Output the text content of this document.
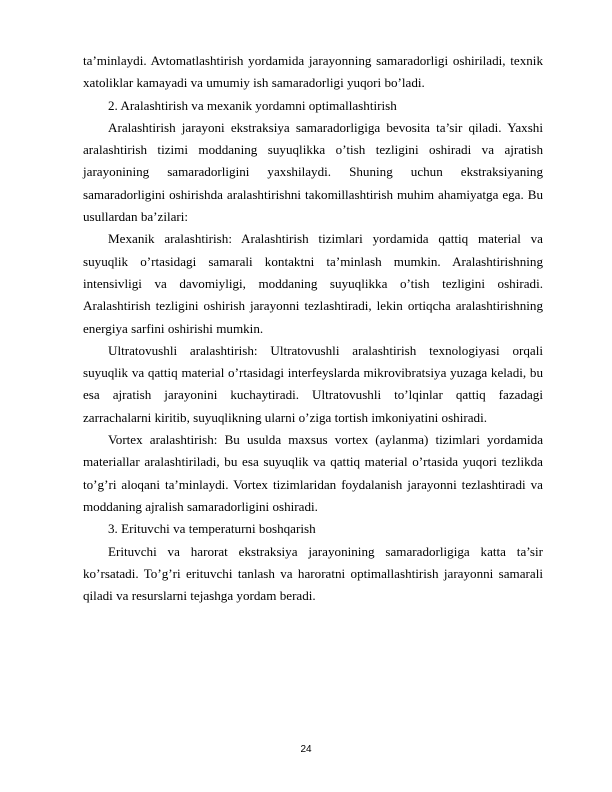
ta’minlaydi. Avtomatlashtirish yordamida jarayonning samaradorligi oshiriladi, texnik xatoliklar kamayadi va umumiy ish samaradorligi yuqori bo’ladi.

2. Aralashtirish va mexanik yordamni optimallashtirish

Aralashtirish jarayoni ekstraksiya samaradorligiga bevosita ta’sir qiladi. Yaxshi aralashtirish tizimi moddaning suyuqlikka o’tish tezligini oshiradi va ajratish jarayonining samaradorligini yaxshilaydi. Shuning uchun ekstraksiyaning samaradorligini oshirishda aralashtirishni takomillashtirish muhim ahamiyatga ega. Bu usullardan ba’zilari:

Mexanik aralashtirish: Aralashtirish tizimlari yordamida qattiq material va suyuqlik o’rtasidagi samarali kontaktni ta’minlash mumkin. Aralashtirishning intensivligi va davomiyligi, moddaning suyuqlikka o’tish tezligini oshiradi. Aralashtirish tezligini oshirish jarayonni tezlashtiradi, lekin ortiqcha aralashtirishning energiya sarfini oshirishi mumkin.

Ultratovushli aralashtirish: Ultratovushli aralashtirish texnologiyasi orqali suyuqlik va qattiq material o’rtasidagi interfeyslarda mikrovibratsiya yuzaga keladi, bu esa ajratish jarayonini kuchaytiradi. Ultratovushli to’lqinlar qattiq fazadagi zarrachalarni kiritib, suyuqlikning ularni o’ziga tortish imkoniyatini oshiradi.

Vortex aralashtirish: Bu usulda maxsus vortex (aylanma) tizimlari yordamida materiallar aralashtiriladi, bu esa suyuqlik va qattiq material o’rtasida yuqori tezlikda to’g’ri aloqani ta’minlaydi. Vortex tizimlaridan foydalanish jarayonni tezlashtiradi va moddaning ajralish samaradorligini oshiradi.

3. Erituvchi va temperaturni boshqarish

Erituvchi va harorat ekstraksiya jarayonining samaradorligiga katta ta’sir ko’rsatadi. To’g’ri erituvchi tanlash va haroratni optimallashtirish jarayonni samarali qiladi va resurslarni tejashga yordam beradi.

24
